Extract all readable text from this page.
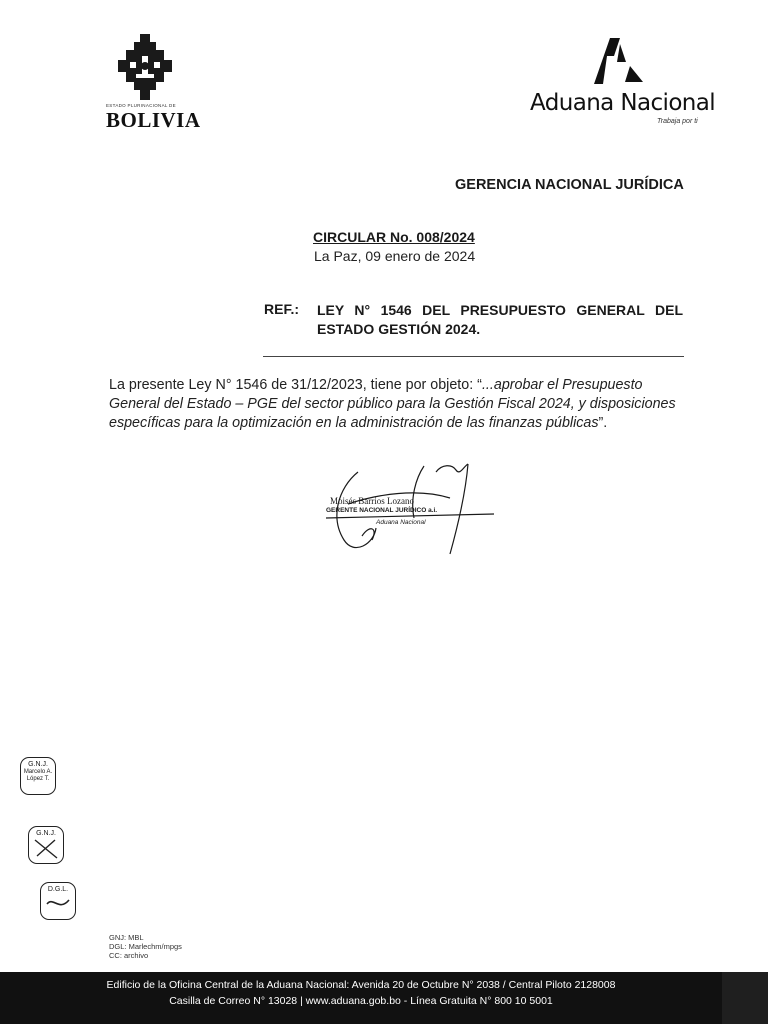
ESTADO PLURINACIONAL DE
BOLIVIA
Aduana Nacional
Trabaja por ti
GERENCIA NACIONAL JURÍDICA
CIRCULAR No. 008/2024
La Paz, 09 enero de 2024
REF.: LEY N° 1546 DEL PRESUPUESTO GENERAL DEL ESTADO GESTIÓN 2024.
La presente Ley N° 1546 de 31/12/2023, tiene por objeto: “...aprobar el Presupuesto General del Estado – PGE del sector público para la Gestión Fiscal 2024, y disposiciones específicas para la optimización en la administración de las finanzas públicas”.
Moisés Barrios Lozano
GERENTE NACIONAL JURÍDICO a.i.
Aduana Nacional
G.N.J.
Marcelo A. López T.
G.N.J.
D.G.L.
GNJ: MBL
DGL: Marlechm/mpgs
CC: archivo
Edificio de la Oficina Central de la Aduana Nacional: Avenida 20 de Octubre N° 2038 / Central Piloto 2128008
Casilla de Correo N° 13028 | www.aduana.gob.bo - Línea Gratuita N° 800 10 5001
